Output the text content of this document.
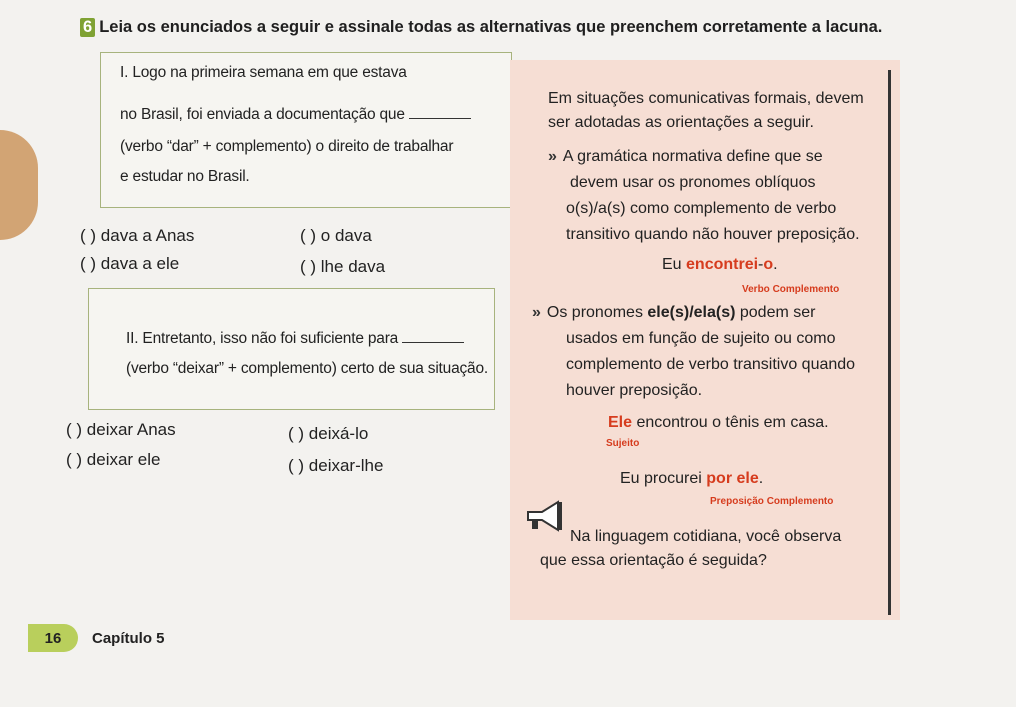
6 Leia os enunciados a seguir e assinale todas as alternativas que preenchem corretamente a lacuna.
I. Logo na primeira semana em que estava
no Brasil, foi enviada a documentação que
(verbo “dar” + complemento) o direito de trabalhar
e estudar no Brasil.
( ) dava a Anas	( ) o dava
( ) dava a ele	( ) lhe dava
II. Entretanto, isso não foi suficiente para
(verbo “deixar” + complemento) certo de sua situação.
( ) deixar Anas	( ) deixá-lo
( ) deixar ele	( ) deixar-lhe
Em situações comunicativas formais, devem
ser adotadas as orientações a seguir.
» A gramática normativa define que se
devem usar os pronomes oblíquos
o(s)/a(s) como complemento de verbo
transitivo quando não houver preposição.
Eu encontrei-o.
Verbo Complemento
» Os pronomes ele(s)/ela(s) podem ser
usados em função de sujeito ou como
complemento de verbo transitivo quando
houver preposição.
Ele encontrou o tênis em casa.
Sujeito
Eu procurei por ele.
Preposição Complemento
Na linguagem cotidiana, você observa
que essa orientação é seguida?
16	Capítulo 5
